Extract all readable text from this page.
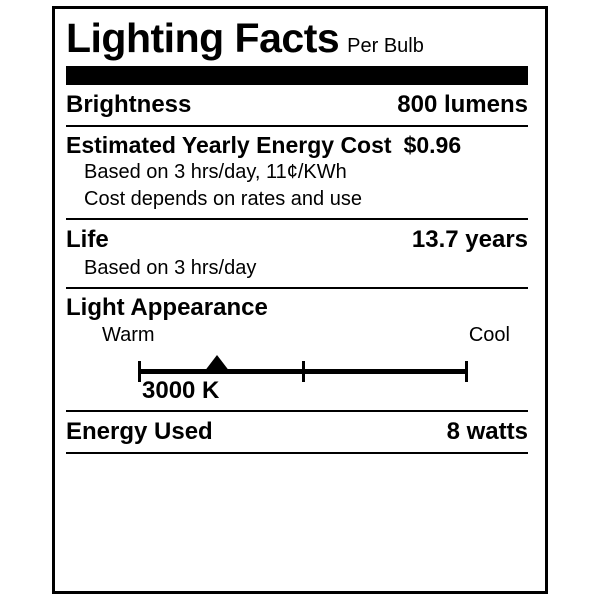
Lighting Facts Per Bulb
Brightness	800 lumens
Estimated Yearly Energy Cost $0.96
Based on 3 hrs/day, 11¢/KWh
Cost depends on rates and use
Life	13.7 years
Based on 3 hrs/day
Light Appearance
Warm	Cool
3000 K
Energy Used	8 watts
